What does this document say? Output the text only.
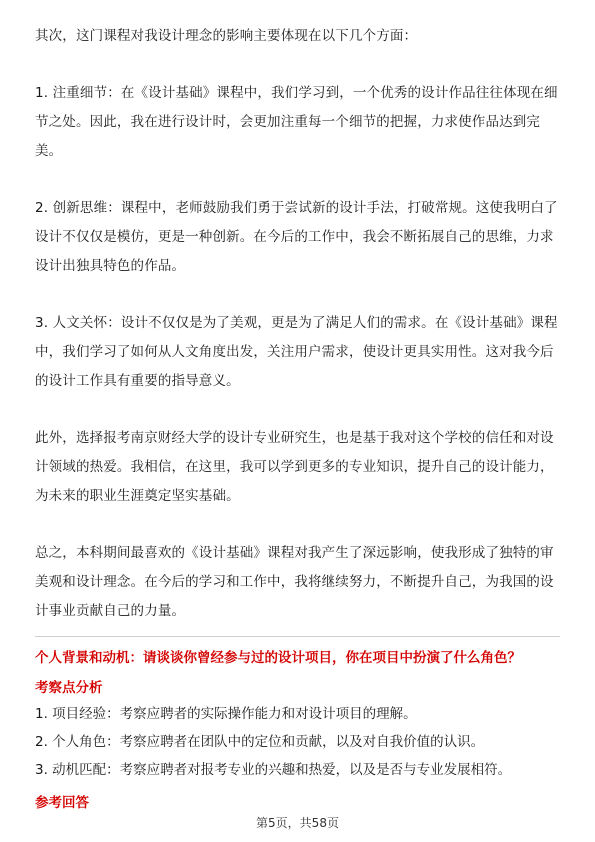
其次，这门课程对我设计理念的影响主要体现在以下几个方面：

1. 注重细节：在《设计基础》课程中，我们学习到，一个优秀的设计作品往往体现在细节之处。因此，我在进行设计时，会更加注重每一个细节的把握，力求使作品达到完美。

2. 创新思维：课程中，老师鼓励我们勇于尝试新的设计手法，打破常规。这使我明白了设计不仅仅是模仿，更是一种创新。在今后的工作中，我会不断拓展自己的思维，力求设计出独具特色的作品。

3. 人文关怀：设计不仅仅是为了美观，更是为了满足人们的需求。在《设计基础》课程中，我们学习了如何从人文角度出发，关注用户需求，使设计更具实用性。这对我今后的设计工作具有重要的指导意义。

此外，选择报考南京财经大学的设计专业研究生，也是基于我对这个学校的信任和对设计领域的热爱。我相信，在这里，我可以学到更多的专业知识，提升自己的设计能力，为未来的职业生涯奠定坚实基础。

总之，本科期间最喜欢的《设计基础》课程对我产生了深远影响，使我形成了独特的审美观和设计理念。在今后的学习和工作中，我将继续努力，不断提升自己，为我国的设计事业贡献自己的力量。

个人背景和动机：请谈谈你曾经参与过的设计项目，你在项目中扮演了什么角色？

考察点分析

1. 项目经验：考察应聘者的实际操作能力和对设计项目的理解。

2. 个人角色：考察应聘者在团队中的定位和贡献，以及对自我价值的认识。

3. 动机匹配：考察应聘者对报考专业的兴趣和热爱，以及是否与专业发展相符。

参考回答

第5页，共58页
